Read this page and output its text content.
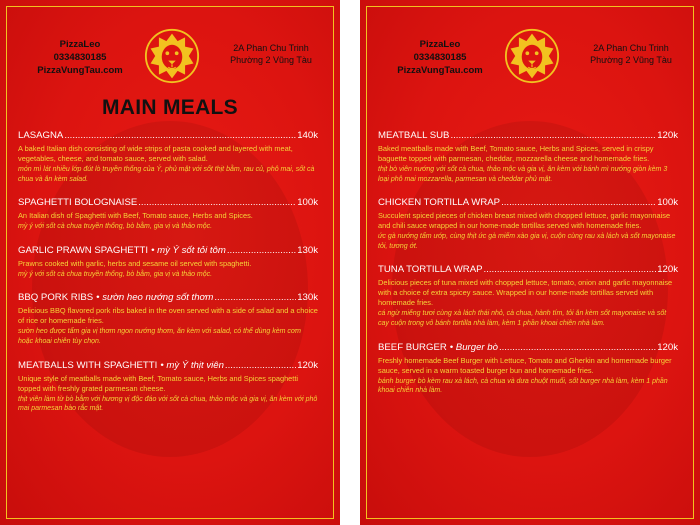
PizzaLeo
0334830185
PizzaVungTau.com
2A Phan Chu Trinh
Phường 2 Vũng Tàu
MAIN MEALS
LASAGNA .....	140k
A baked Italian dish consisting of wide strips of pasta cooked and layered with meat, vegetables, cheese, and tomato sauce, served with salad.
món mì lát nhiều lớp đút lò truyền thống của Ý, phủ mặt với sốt thịt bằm, rau củ, phô mai, sốt cà chua và ăn kèm salad.
SPAGHETTI BOLOGNAISE .....	100k
An Italian dish of Spaghetti with Beef, Tomato sauce, Herbs and Spices.
mỳ ý với sốt cà chua truyền thống, bò bằm, gia vị và thảo mộc.
GARLIC PRAWN SPAGHETTI • mỳ Ý sốt tỏi tôm .....	130k
Prawns cooked with garlic, herbs and sesame oil served with spaghetti.
mỳ ý với sốt cà chua truyền thống, bò bằm, gia vị và thảo mộc.
BBQ PORK RIBS • sườn heo nướng sốt thơm .....	130k
Delicious BBQ flavored pork ribs baked in the oven served with a side of salad and a choice of rice or homemade fries.
sườn heo được tẩm gia vị thơm ngon nướng thơm, ăn kèm với salad, có thể dùng kèm cơm hoặc khoai chiên tùy chọn.
MEATBALLS WITH SPAGHETTI • mỳ Ý thịt viên .....	120k
Unique style of meatballs made with Beef, Tomato sauce, Herbs and Spices spaghetti topped with freshly grated parmesan cheese.
thịt viên làm từ bò bằm với hương vị độc đáo với sốt cà chua, thảo mộc và gia vị, ăn kèm với phô mai parmesan bào rắc mặt.
PizzaLeo
0334830185
PizzaVungTau.com
2A Phan Chu Trinh
Phường 2 Vũng Tàu
MEATBALL SUB .....	120k
Baked meatballs made with Beef, Tomato sauce, Herbs and Spices, served in crispy baguette topped with parmesan, cheddar, mozzarella cheese and homemade fries.
thịt bò viên nướng với sốt cà chua, thảo mộc và gia vị, ăn kèm với bánh mì nướng giòn kèm 3 loại phô mai mozzarella, parmesan và cheddar phủ mặt.
CHICKEN TORTILLA WRAP .....	100k
Succulent spiced pieces of chicken breast mixed with chopped lettuce, garlic mayonnaise and chili sauce wrapped in our home-made tortillas served with homemade fries.
ức gà nướng tẩm ướp, cùng thịt ức gà miếm xào gia vị, cuộn cùng rau xà lách và sốt mayonaise tỏi, tương ớt.
TUNA TORTILLA WRAP .....	120k
Delicious pieces of tuna mixed with chopped lettuce, tomato, onion and garlic mayonnaise with a choice of extra spicey sauce. Wrapped in our home-made tortillas served with homemade fries.
cá ngừ miếng tươi cùng xà lách thái nhỏ, cà chua, hành tím, tỏi ăn kèm sốt mayonaise và sốt cay cuộn trong vỏ bánh tortilla nhà làm, kèm 1 phần khoai chiên nhà làm.
BEEF BURGER • Burger bò .....	120k
Freshly homemade Beef Burger with Lettuce, Tomato and Gherkin and homemade burger sauce, served in a warm toasted burger bun and homemade fries.
bánh burger bò kèm rau xà lách, cà chua và dưa chuột muối, sốt burger nhà làm, kèm 1 phần khoai chiên nhà làm.
